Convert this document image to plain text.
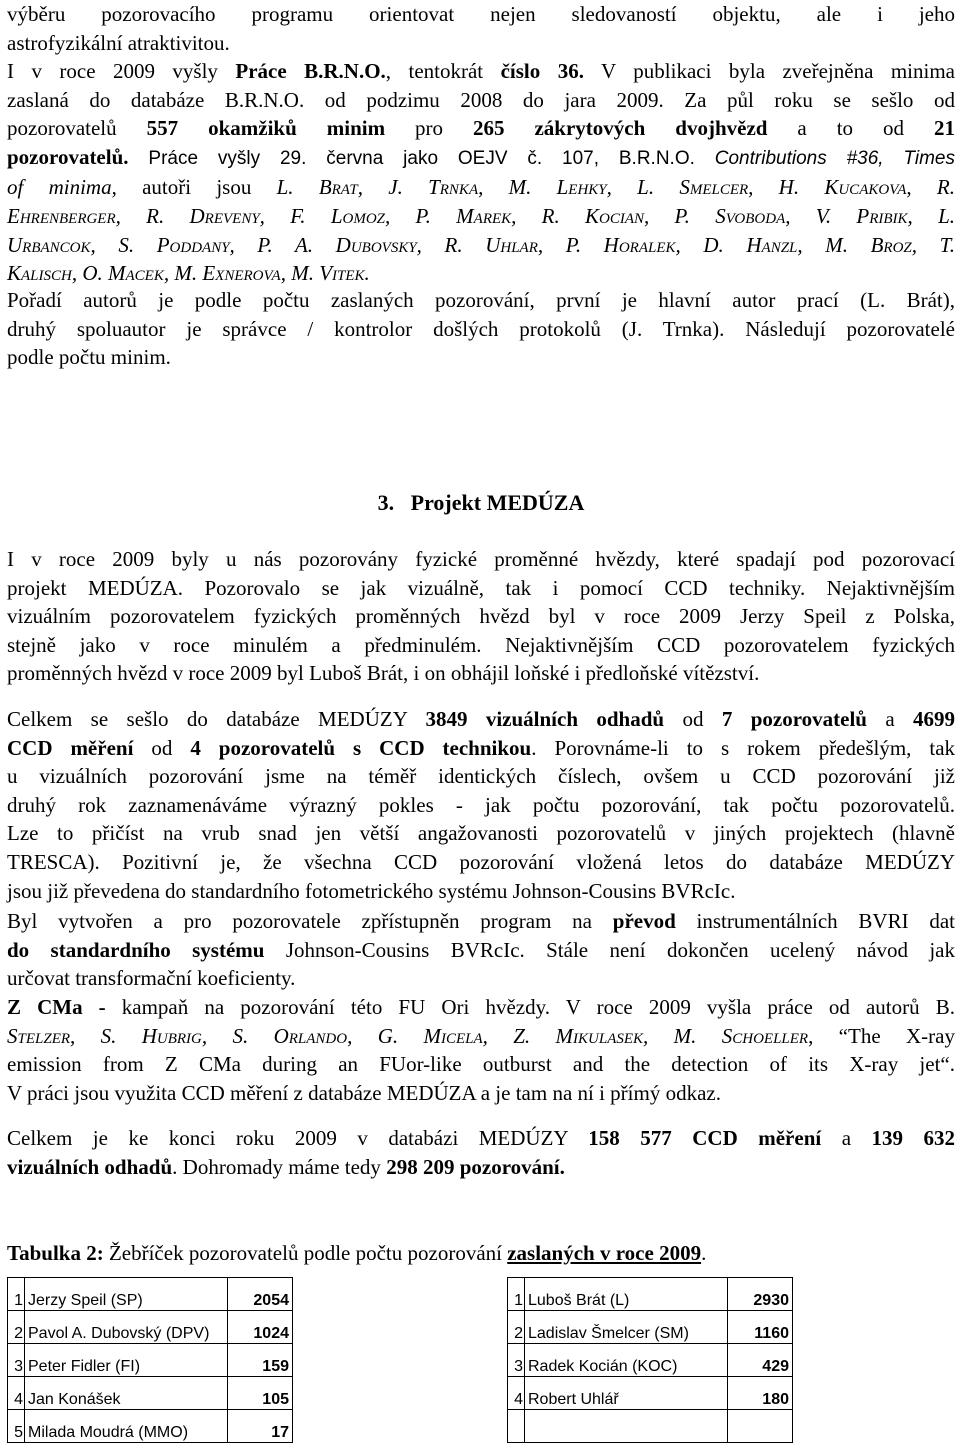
výběru pozorovacího programu orientovat nejen sledovaností objektu, ale i jeho
astrofyzikální atraktivitou.

I v roce 2009 vyšly Práce B.R.N.O., tentokrát číslo 36. V publikaci byla zveřejněna minima
zaslaná do databáze B.R.N.O. od podzimu 2008 do jara 2009. Za půl roku se sešlo od
pozorovatelů 557 okamžiků minim pro 265 zákrytových dvojhvězd a to od 21
pozorovatelů. Práce vyšly 29. června jako OEJV č. 107, B.R.N.O. Contributions #36, Times
of minima, autoři jsou L. Brat, J. Trnka, M. Lehky, L. Smelcer, H. Kucakova, R.
Ehrenberger, R. Dreveny, F. Lomoz, P. Marek, R. Kocian, P. Svoboda, V. Pribik, L.
Urbancok, S. Poddany, P. A. Dubovsky, R. Uhlar, P. Horalek, D. Hanzl, M. Broz, T.
Kalisch, O. Macek, M. Exnerova, M. Vitek.

Pořadí autorů je podle počtu zaslaných pozorování, první je hlavní autor prací (L. Brát),
druhý spoluautor je správce / kontrolor došlých protokolů (J. Trnka). Následují pozorovatelé
podle počtu minim.

3.   Projekt MEDÚZA

I v roce 2009 byly u nás pozorovány fyzické proměnné hvězdy, které spadají pod pozorovací
projekt MEDÚZA. Pozorovalo se jak vizuálně, tak i pomocí CCD techniky. Nejaktivnějším
vizuálním pozorovatelem fyzických proměnných hvězd byl v roce 2009 Jerzy Speil z Polska,
stejně jako v roce minulém a předminulém. Nejaktivnějším CCD pozorovatelem fyzických
proměnných hvězd v roce 2009 byl Luboš Brát, i on obhájil loňské i předloňské vítězství.

Celkem se sešlo do databáze MEDÚZY 3849 vizuálních odhadů od 7 pozorovatelů a 4699
CCD měření od 4 pozorovatelů s CCD technikou. Porovnáme-li to s rokem předešlým, tak
u vizuálních pozorování jsme na téměř identických číslech, ovšem u CCD pozorování již
druhý rok zaznamenáváme výrazný pokles - jak počtu pozorování, tak počtu pozorovatelů.
Lze to přičíst na vrub snad jen větší angažovanosti pozorovatelů v jiných projektech (hlavně
TRESCA). Pozitivní je, že všechna CCD pozorování vložená letos do databáze MEDÚZY
jsou již převedena do standardního fotometrického systému Johnson-Cousins BVRcIc.

Byl vytvořen a pro pozorovatele zpřístupněn program na převod instrumentálních BVRI dat
do standardního systému Johnson-Cousins BVRcIc. Stále není dokončen ucelený návod jak
určovat transformační koeficienty.

Z CMa - kampaň na pozorování této FU Ori hvězdy. V roce 2009 vyšla práce od autorů B.
Stelzer, S. Hubrig, S. Orlando, G. Micela, Z. Mikulasek, M. Schoeller, “The X-ray
emission from Z CMa during an FUor-like outburst and the detection of its X-ray jet“.
V práci jsou využita CCD měření z databáze MEDÚZA a je tam na ní i přímý odkaz.

Celkem je ke konci roku 2009 v databázi MEDÚZY 158 577 CCD měření a 139 632
vizuálních odhadů. Dohromady máme tedy 298 209 pozorování.

Tabulka 2: Žebříček pozorovatelů podle počtu pozorování zaslaných v roce 2009.

1	Jerzy Speil (SP)	2054
2	Pavol A. Dubovský (DPV)	1024
3	Peter Fidler (FI)	159
4	Jan Konášek	105
5	Milada Moudrá (MMO)	17
1	Luboš Brát (L)	2930
2	Ladislav Šmelcer (SM)	1160
3	Radek Kocián (KOC)	429
4	Robert Uhlář	180
